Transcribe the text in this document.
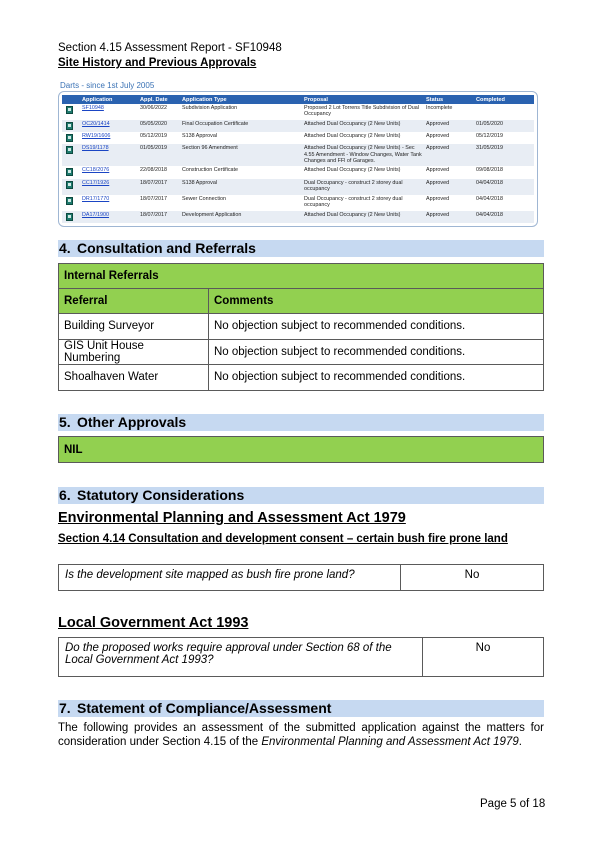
Section 4.15 Assessment Report - SF10948
Site History and Previous Approvals
Darts - since 1st July 2005
	Application	Appl. Date	Application Type	Proposal	Status	Completed
	SF10948	30/06/2022	Subdivision Application	Proposed 2 Lot Torrens Title Subdivision of Dual Occupancy	Incomplete	
	OC20/1414	05/05/2020	Final Occupation Certificate	Attached Dual Occupancy (2 New Units)	Approved	01/05/2020
	RW19/1606	05/12/2019	S138 Approval	Attached Dual Occupancy (2 New Units)	Approved	05/12/2019
	DS19/1178	01/05/2019	Section 96 Amendment	Attached Dual Occupancy (2 New Units) - Sec 4.55 Amendment - Window Changes, Water Tank Changes and FFl of Garages.	Approved	31/05/2019
	CC18/2076	22/08/2018	Construction Certificate	Attached Dual Occupancy (2 New Units)	Approved	09/08/2018
	CC17/1926	18/07/2017	S138 Approval	Dual Occupancy - construct 2 storey dual occupancy	Approved	04/04/2018
	DR17/1770	18/07/2017	Sewer Connection	Dual Occupancy - construct 2 storey dual occupancy	Approved	04/04/2018
	DA17/1900	18/07/2017	Development Application	Attached Dual Occupancy (2 New Units)	Approved	04/04/2018
4. Consultation and Referrals
Internal Referrals	
Referral	Comments
Building Surveyor	No objection subject to recommended conditions.
GIS Unit House Numbering	No objection subject to recommended conditions.
Shoalhaven Water	No objection subject to recommended conditions.
5. Other Approvals
NIL
6. Statutory Considerations
Environmental Planning and Assessment Act 1979
Section 4.14 Consultation and development consent – certain bush fire prone land
Is the development site mapped as bush fire prone land?	No
Local Government Act 1993
Do the proposed works require approval under Section 68 of the Local Government Act 1993?	No
7. Statement of Compliance/Assessment
The following provides an assessment of the submitted application against the matters for consideration under Section 4.15 of the Environmental Planning and Assessment Act 1979.
Page 5 of 18
